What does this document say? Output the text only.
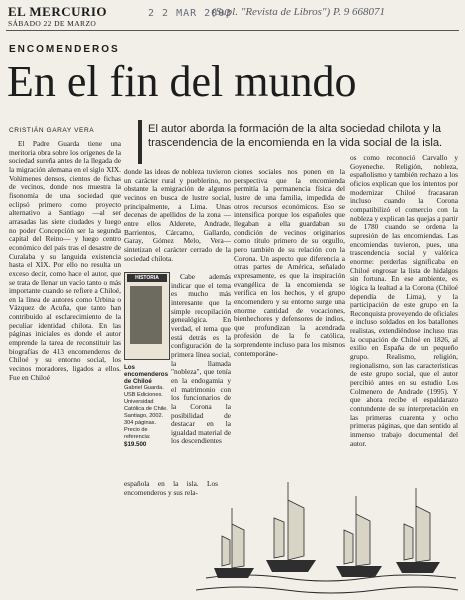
EL MERCURIO
SÁBADO 22 DE MARZO
2 2 MAR 2003
(Supl. "Revista de Libros") P. 9 668071
ENCOMENDEROS
En el fin del mundo
CRISTIÁN GARAY VERA	El autor aborda la formación de la alta sociedad chilota y la trascendencia de la encomienda en la vida social de la isla.

El Padre Guarda tiene una meritoria obra sobre los orígenes de la sociedad sureña antes de la llegada de la migración alemana en el siglo XIX. Volúmenes densos, cientos de fichas de vecinos, donde nos muestra la fisonomía de una sociedad que eclipsó primero como proyecto alternativo a Santiago —al ser arrasadas las siete ciudades y luego no poder Concepción ser la segunda capital del Reino— y luego centro económico del país tras el desastre de Curalaba y su languida existencia hasta el XIX. Por ello no resulta un exceso decir, como hace el autor, que se trata de llenar un vacío tanto o más importante cuando se refiere a Chiloé, en la línea de autores como Urbina o Vázquez de Acuña, que tanto han contribuido al esclarecimiento de la peculiar identidad chilota. En las páginas iniciales es donde el autor emprende la tarea de reconstituir las biografías de 413 encomenderos de Chiloé y su entorno social, los vecinos moradores, ligados a ellos. Fue en Chiloé

donde las ideas de nobleza tuvieron un carácter rural y pueblerino, no obstante la emigración de algunos vecinos en busca de lustre social, principalmente, a Lima. Unas decenas de apellidos de la zona —entre ellos Alderete, Andrade, Barrientos, Cárcamo, Gallardo, Garay, Gómez Melo, Vera— sintetizan el carácter cerrado de la sociedad chilota.

Cabe además indicar que el tema es mucho más interesante que la simple recopilación genealógica. En verdad, el tema que está detrás es la configuración de la primera línea social, la llamada "nobleza", que tenía en la endogamia y el matrimonio con los funcionarios de la Corona la posibilidad de destacar en la igualdad material de los descendientes

española en la isla. Los encomenderos y sus rela-

ciones sociales nos ponen en la perspectiva que la encomienda permitía la permanencia física del lustre de una familia, impedida de otros recursos económicos. Eso se intensifica porque los españoles que llegaban a ella guardaban su condición de vecinos originarios como título primero de su orgullo, pero también de su relación con la Corona. Un aspecto que diferencia a otras partes de América, señalado expresamente, es que la inspiración evangélica de la encomienda se verifica en los hechos, y el grupo encomendero y su entorno surge una enorme cantidad de vocaciones, bienhechores y defensores de indios, que profundizan la acendrada profesión de la fe católica, sorprendente incluso para los mismos contemporáne-

os como reconoció Carvallo y Goyeneche. Religión, nobleza, españolismo y también rechazo a los oficios explican que los intentos por modernizar Chiloé fracasaran incluso cuando la Corona compatibilizó el comercio con la nobleza y explican las quejas a partir de 1780 cuando se ordena la supresión de las encomiendas. Las encomiendas tuvieron, pues, una trascendencia social y valórica enorme: perderlas significaba en Chiloé engrosar la lista de hidalgos sin fortuna. En ese ambiente, es lógica la lealtad a la Corona (Chiloé dependía de Lima), y la participación de este grupo en la Reconquista proveyendo de oficiales e incluso soldados en los batallones realistas, extendiéndose incluso tras la ocupación de Chiloé en 1826, al exilio en España de un pequeño grupo. Realismo, religión, regionalismo, son las características de este grupo social, que el autor percibió antes en su estudio Los Colmenero de Andrade (1995). Y que ahora recibe el espaldarazo contundente de su interpretación en las primeras cuarenta y ocho primeras páginas, que dan sentido al inmenso trabajo documental del autor.

HISTORIA
Los encomenderos de Chiloé
Gabriel Guarda. USB Ediciones. Universidad Católica de Chile. Santiago, 2002. 304 páginas. Precio de referencia:
$19.500
